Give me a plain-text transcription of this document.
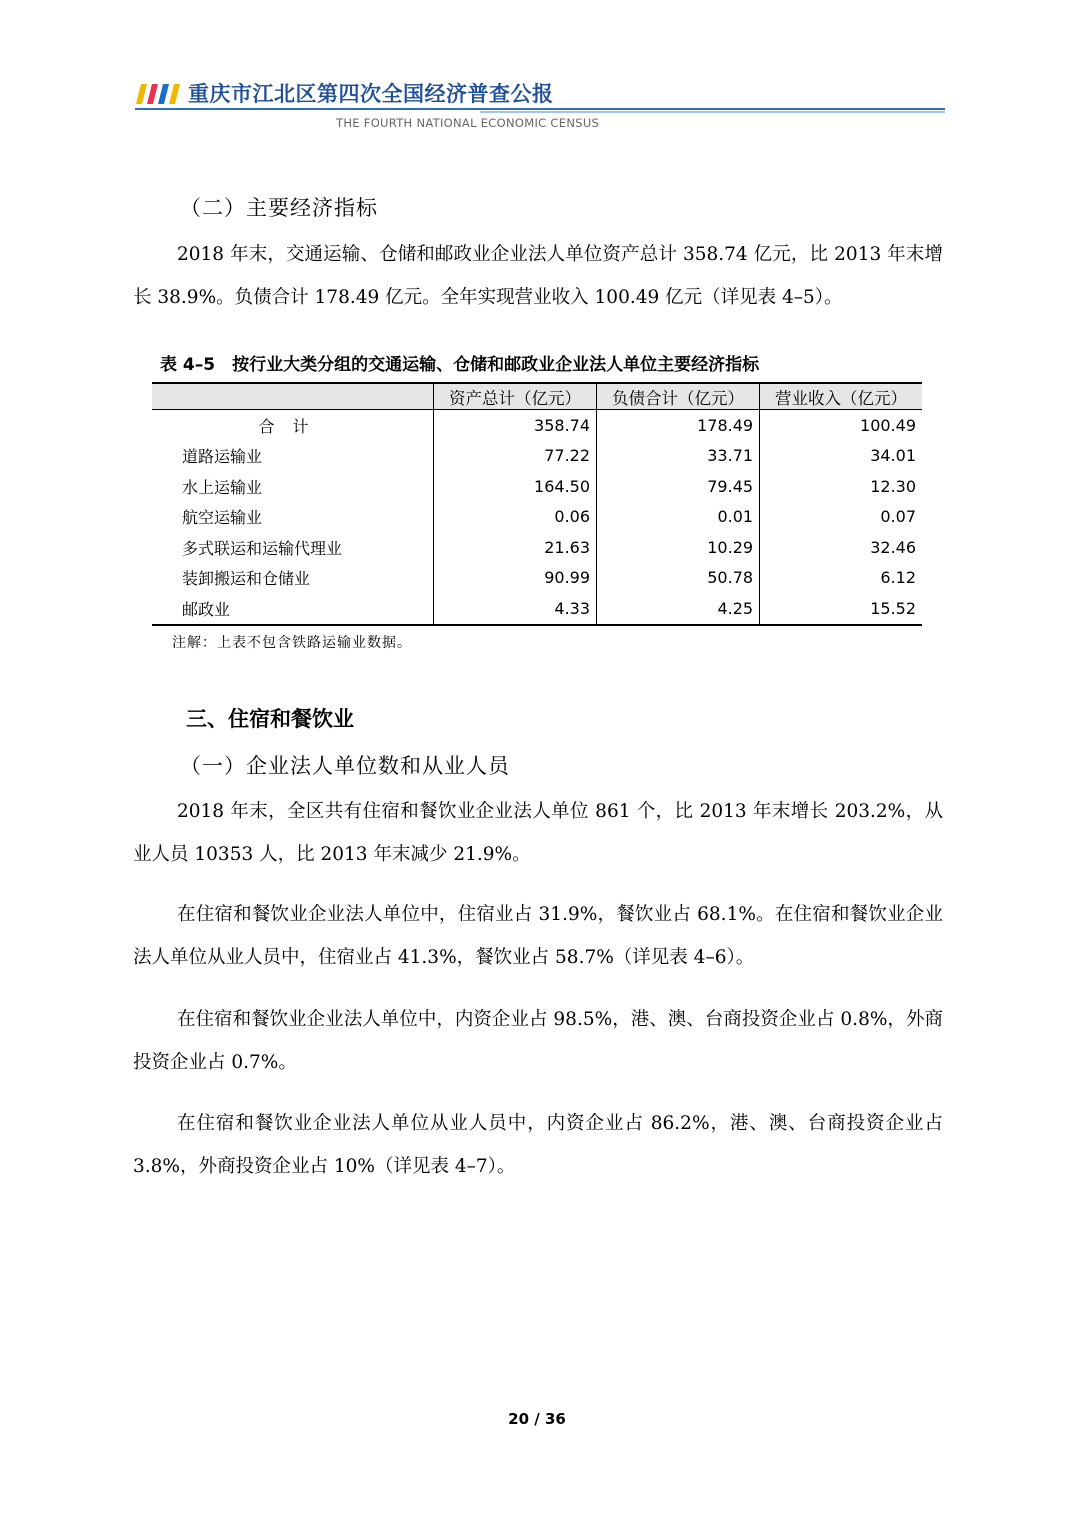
重庆市江北区第四次全国经济普查公报
THE FOURTH NATIONAL ECONOMIC CENSUS
（二）主要经济指标
2018 年末，交通运输、仓储和邮政业企业法人单位资产总计 358.74 亿元，比 2013 年末增长 38.9%。负债合计 178.49 亿元。全年实现营业收入 100.49 亿元（详见表 4–5）。
表 4–5　按行业大类分组的交通运输、仓储和邮政业企业法人单位主要经济指标
	资产总计（亿元）	负债合计（亿元）	营业收入（亿元）
合计	358.74	178.49	100.49
道路运输业	77.22	33.71	34.01
水上运输业	164.50	79.45	12.30
航空运输业	0.06	0.01	0.07
多式联运和运输代理业	21.63	10.29	32.46
装卸搬运和仓储业	90.99	50.78	6.12
邮政业	4.33	4.25	15.52
注解：上表不包含铁路运输业数据。
三、住宿和餐饮业
（一）企业法人单位数和从业人员
2018 年末，全区共有住宿和餐饮业企业法人单位 861 个，比 2013 年末增长 203.2%，从业人员 10353 人，比 2013 年末减少 21.9%。
在住宿和餐饮业企业法人单位中，住宿业占 31.9%，餐饮业占 68.1%。在住宿和餐饮业企业法人单位从业人员中，住宿业占 41.3%，餐饮业占 58.7%（详见表 4–6）。
在住宿和餐饮业企业法人单位中，内资企业占 98.5%，港、澳、台商投资企业占 0.8%，外商投资企业占 0.7%。
在住宿和餐饮业企业法人单位从业人员中，内资企业占 86.2%，港、澳、台商投资企业占 3.8%，外商投资企业占 10%（详见表 4–7）。
20 / 36
